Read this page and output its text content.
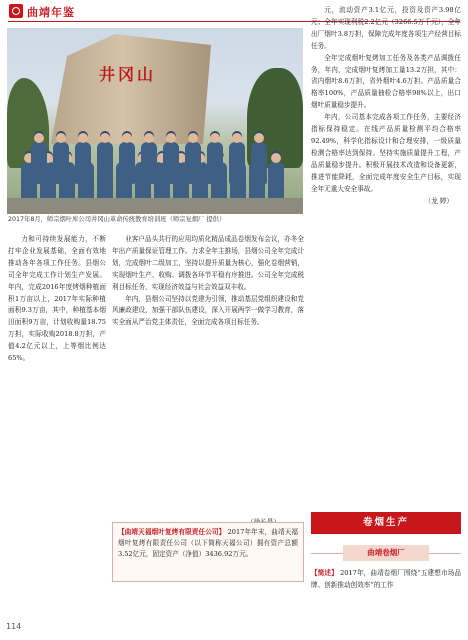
曲靖年鉴
井冈山
2017年8月，师宗烟叶库公司井冈山革命传统教育培训班（师宗复烟厂 提供）

力和可持续发展能力，不断打牢企业发展基础，全面有效地推动各年各项工作任务。县烟公司全年完成工作计划生产发展。年内，完成2016年度烤烟种植面积1万亩以上，2017年实际种植面积9.3万亩，其中，种植基本烟田面积9万亩，计划收购量18.75万担，实际收购2018.8万担，产值4.2亿元以上，上等烟比例达65%。

业客户品头共行的应用均质化精品成品卷烟发布会议，办冬全年出产质量保证管理工作。力求全年主推场，县烟公司全年完成计划，完成烟叶二级加工，坚持以提升质量为核心，强化卷烟营销，实现烟叶生产、收购、调拨各环节平稳有序推进。公司全年完成税利目标任务，实现经济效益与社会效益双丰收。

年内，县烟公司坚持以党建为引领，推动基层党组织建设和党风廉政建设，加强干部队伍建设，深入开展两学一做学习教育，落实全面从严治党主体责任，全面完成各项目标任务。

【曲靖天福烟叶复烤有限责任公司】 2017年年末，曲靖天福烟叶复烤有限责任公司（以下简称天福公司）拥有资产总额3.52亿元，固定资产（净值）3436.92万元。

元，流动资产3.1亿元，投资及资产3.98亿元；全年实现利税2.2亿元（3266.5万千元），全年出厂烟叶3.8万担，保障完成年度各项生产经营目标任务。

全年完成烟叶复烤加工任务及各类产品调拨任务，年内，完成烟叶复烤加工量13.2万担，其中：省内烟叶8.6万担，省外烟叶4.6万担。产品质量合格率100%，产品质量抽检合格率98%以上，出口烟叶质量稳步提升。

年内，公司基本完成各项工作任务，主要经济指标保持稳定。在线产品质量检测平均合格率92.49%，科学化指标设计和合理安排，一级质量检测合格率达到保持。坚持实施质量提升工程，产品质量稳步提升。积极开展技术改造和设备更新，推进节能降耗，全面完成年度安全生产目标，实现全年无重大安全事故。

（龙 婷）

卷烟生产
曲靖卷烟厂
【简述】 2017年，曲靖卷烟厂围绕“五建想市场品牌、创新推动创效率”的工作
114
